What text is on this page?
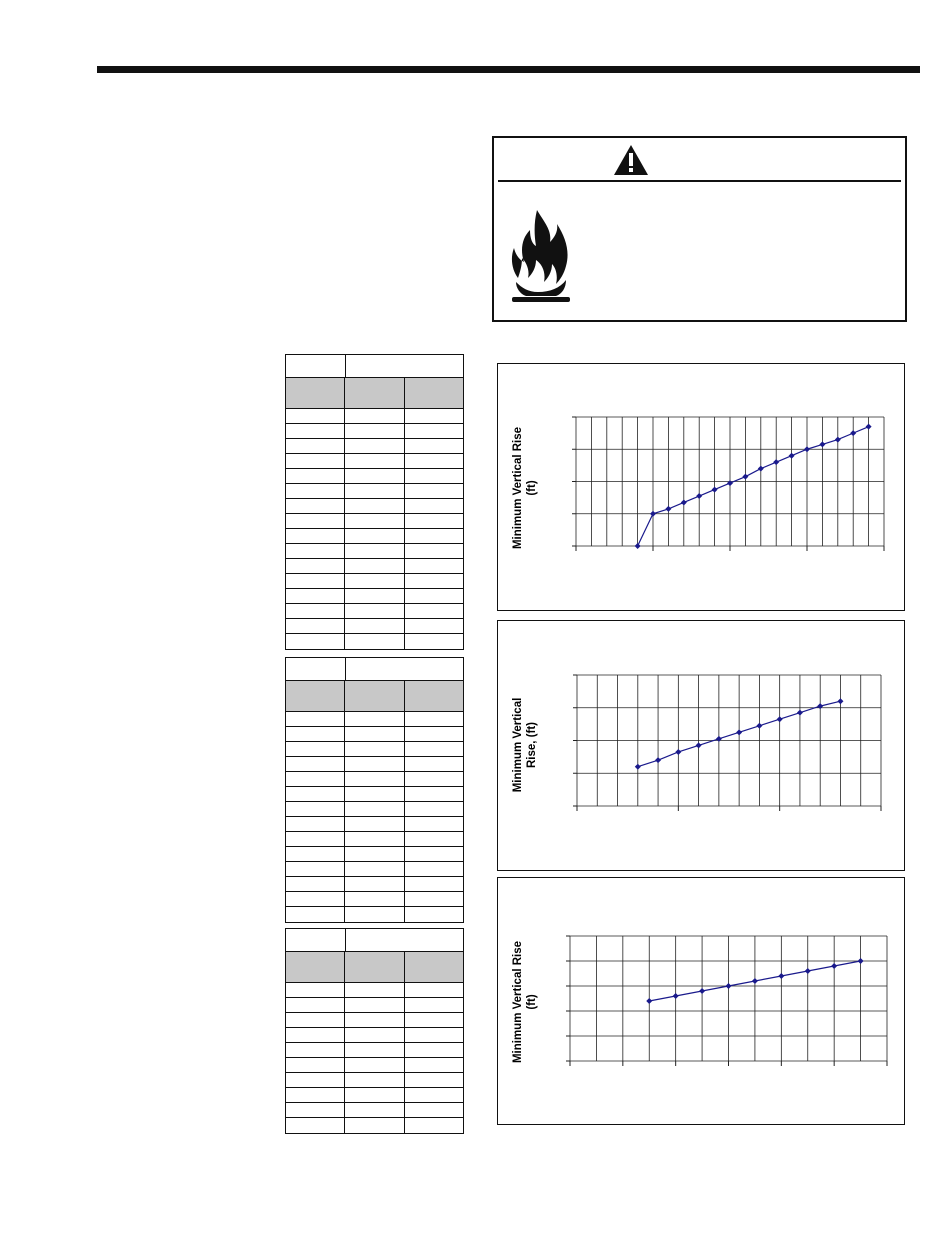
Minimum Vertical Rise (ft)
Minimum Vertical Rise, (ft)
Minimum Vertical Rise (ft)
